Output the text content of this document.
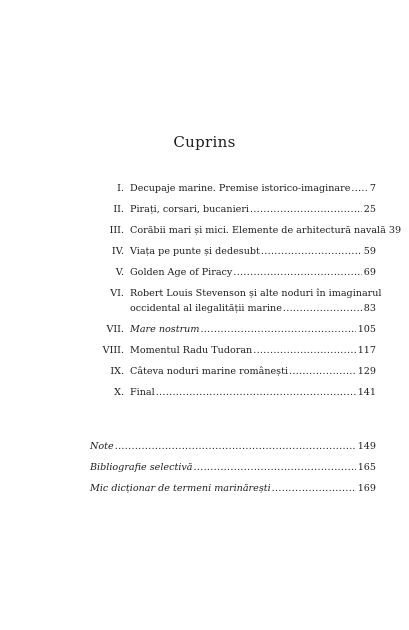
Cuprins
I. Decupaje marine. Premise istorico-imaginare ..... 7
II. Pirați, corsari, bucanieri .....	25
III. Corăbii mari și mici. Elemente de arhitectură navală 39
IV. Viața pe punte și dedesubt .....	59
V. Golden Age of Piracy .....	69
VI. Robert Louis Stevenson și alte noduri în imaginarul
occidental al ilegalității marine .....	83
VII. Mare nostrum .....	105
VIII. Momentul Radu Tudoran .....	117
IX. Câteva noduri marine românești .....	129
X. Final .....	141
Note .....	149
Bibliografie selectivă .....	165
Mic dicționar de termeni marinărești .....	169
